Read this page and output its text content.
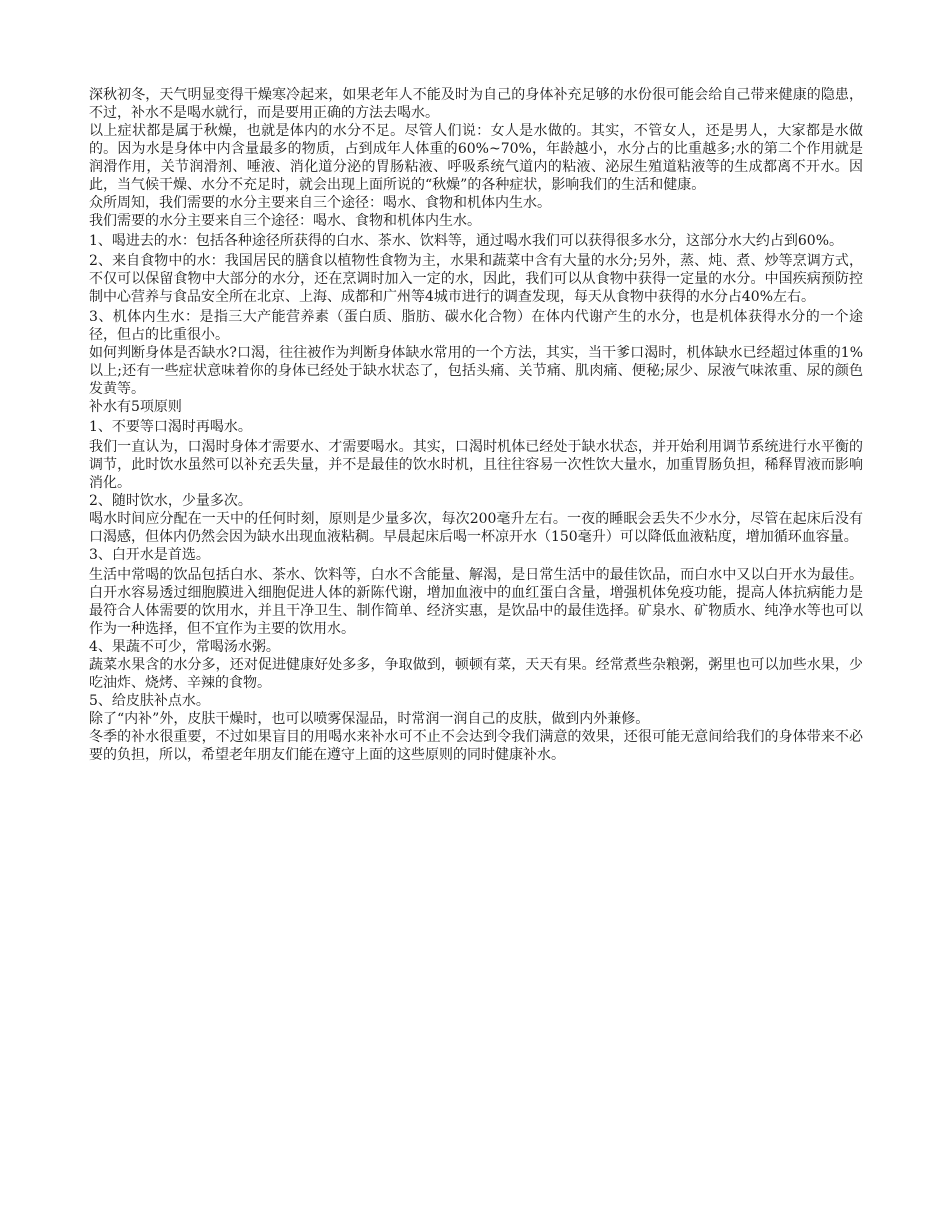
深秋初冬，天气明显变得干燥寒冷起来，如果老年人不能及时为自己的身体补充足够的水份很可能会给自己带来健康的隐患，不过，补水不是喝水就行，而是要用正确的方法去喝水。

以上症状都是属于秋燥，也就是体内的水分不足。尽管人们说：女人是水做的。其实，不管女人，还是男人，大家都是水做的。因为水是身体中内含量最多的物质，占到成年人体重的60%~70%，年龄越小，水分占的比重越多;水的第二个作用就是润滑作用，关节润滑剂、唾液、消化道分泌的胃肠粘液、呼吸系统气道内的粘液、泌尿生殖道粘液等的生成都离不开水。因此，当气候干燥、水分不充足时，就会出现上面所说的“秋燥”的各种症状，影响我们的生活和健康。

众所周知，我们需要的水分主要来自三个途径：喝水、食物和机体内生水。

我们需要的水分主要来自三个途径：喝水、食物和机体内生水。

1、喝进去的水：包括各种途径所获得的白水、茶水、饮料等，通过喝水我们可以获得很多水分，这部分水大约占到60%。

2、来自食物中的水：我国居民的膳食以植物性食物为主，水果和蔬菜中含有大量的水分;另外，蒸、炖、煮、炒等烹调方式，不仅可以保留食物中大部分的水分，还在烹调时加入一定的水，因此，我们可以从食物中获得一定量的水分。中国疾病预防控制中心营养与食品安全所在北京、上海、成都和广州等4城市进行的调查发现，每天从食物中获得的水分占40%左右。

3、机体内生水：是指三大产能营养素（蛋白质、脂肪、碳水化合物）在体内代谢产生的水分，也是机体获得水分的一个途径，但占的比重很小。

如何判断身体是否缺水?口渴，往往被作为判断身体缺水常用的一个方法，其实，当干爹口渴时，机体缺水已经超过体重的1%以上;还有一些症状意味着你的身体已经处于缺水状态了，包括头痛、关节痛、肌肉痛、便秘;尿少、尿液气味浓重、尿的颜色发黄等。

补水有5项原则

1、不要等口渴时再喝水。

我们一直认为，口渴时身体才需要水、才需要喝水。其实，口渴时机体已经处于缺水状态，并开始利用调节系统进行水平衡的调节，此时饮水虽然可以补充丢失量，并不是最佳的饮水时机，且往往容易一次性饮大量水，加重胃肠负担，稀释胃液而影响消化。

2、随时饮水，少量多次。

喝水时间应分配在一天中的任何时刻，原则是少量多次，每次200毫升左右。一夜的睡眠会丢失不少水分，尽管在起床后没有口渴感，但体内仍然会因为缺水出现血液粘稠。早晨起床后喝一杯凉开水（150毫升）可以降低血液粘度，增加循环血容量。

3、白开水是首选。

生活中常喝的饮品包括白水、茶水、饮料等，白水不含能量、解渴，是日常生活中的最佳饮品，而白水中又以白开水为最佳。白开水容易透过细胞膜进入细胞促进人体的新陈代谢，增加血液中的血红蛋白含量，增强机体免疫功能，提高人体抗病能力是最符合人体需要的饮用水，并且干净卫生、制作简单、经济实惠，是饮品中的最佳选择。矿泉水、矿物质水、纯净水等也可以作为一种选择，但不宜作为主要的饮用水。

4、果蔬不可少，常喝汤水粥。

蔬菜水果含的水分多，还对促进健康好处多多，争取做到，顿顿有菜，天天有果。经常煮些杂粮粥，粥里也可以加些水果，少吃油炸、烧烤、辛辣的食物。

5、给皮肤补点水。

除了“内补”外，皮肤干燥时，也可以喷雾保湿品，时常润一润自己的皮肤，做到内外兼修。

冬季的补水很重要，不过如果盲目的用喝水来补水可不止不会达到令我们满意的效果，还很可能无意间给我们的身体带来不必要的负担，所以，希望老年朋友们能在遵守上面的这些原则的同时健康补水。
